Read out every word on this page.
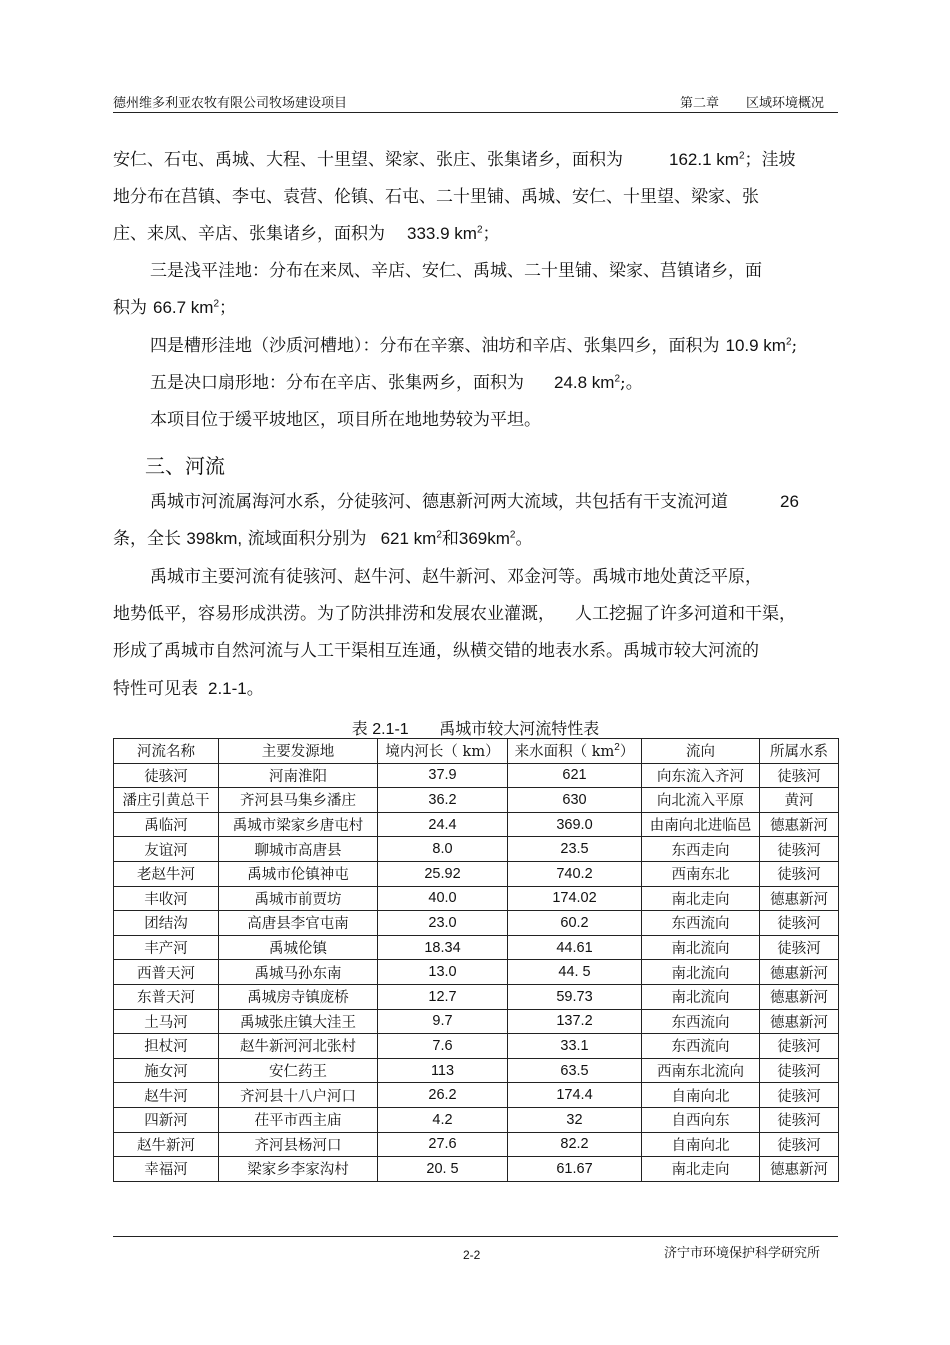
德州维多利亚农牧有限公司牧场建设项目	第二章 区域环境概况
安仁、石屯、禹城、大程、十里望、梁家、张庄、张集诸乡，面积为	162.1 $km^2$；洼坡
地分布在莒镇、李屯、袁营、伦镇、石屯、二十里铺、禹城、安仁、十里望、梁家、张
庄、来凤、辛店、张集诸乡，面积为 333.9 $km^2$；
三是浅平洼地：分布在来凤、辛店、安仁、禹城、二十里铺、梁家、莒镇诸乡，面
积为 66.7 $km^2$；
四是槽形洼地（沙质河槽地）：分布在辛寨、油坊和辛店、张集四乡，面积为 10.9 $km^2$;
五是决口扇形地：分布在辛店、张集两乡，面积为 24.8 $km^2$;。
本项目位于缓平坡地区，项目所在地地势较为平坦。
三、河流
禹城市河流属海河水系，分徒骇河、德惠新河两大流域，共包括有干支流河道	26
条，全长 398km, 流域面积分别为 621 $km^2$和$369km^2$。
禹城市主要河流有徒骇河、赵牛河、赵牛新河、邓金河等。禹城市地处黄泛平原，
地势低平，容易形成洪涝。为了防洪排涝和发展农业灌溉， 人工挖掘了许多河道和干渠，
形成了禹城市自然河流与人工干渠相互连通，纵横交错的地表水系。禹城市较大河流的
特性可见表 2.1-1。
表 2.1-1 禹城市较大河流特性表
河流名称	主要发源地	境内河长（ km）	来水面积（ $km^2$）	流向	所属水系
徒骇河	河南淮阳	37.9	621	向东流入齐河	徒骇河
潘庄引黄总干	齐河县马集乡潘庄	36.2	630	向北流入平原	黄河
禹临河	禹城市梁家乡唐屯村	24.4	369.0	由南向北进临邑	德惠新河
友谊河	聊城市高唐县	8.0	23.5	东西走向	徒骇河
老赵牛河	禹城市伦镇神屯	25.92	740.2	西南东北	徒骇河
丰收河	禹城市前贾坊	40.0	174.02	南北走向	德惠新河
团结沟	高唐县李官屯南	23.0	60.2	东西流向	徒骇河
丰产河	禹城伦镇	18.34	44.61	南北流向	徒骇河
西普天河	禹城马孙东南	13.0	44. 5	南北流向	德惠新河
东普天河	禹城房寺镇庞桥	12.7	59.73	南北流向	德惠新河
土马河	禹城张庄镇大洼王	9.7	137.2	东西流向	德惠新河
担杖河	赵牛新河河北张村	7.6	33.1	东西流向	徒骇河
施女河	安仁药王	113	63.5	西南东北流向	徒骇河
赵牛河	齐河县十八户河口	26.2	174.4	自南向北	徒骇河
四新河	茌平市西主庙	4.2	32	自西向东	徒骇河
赵牛新河	齐河县杨河口	27.6	82.2	自南向北	徒骇河
幸福河	梁家乡李家沟村	20. 5	61.67	南北走向	德惠新河
2-2	济宁市环境保护科学研究所
